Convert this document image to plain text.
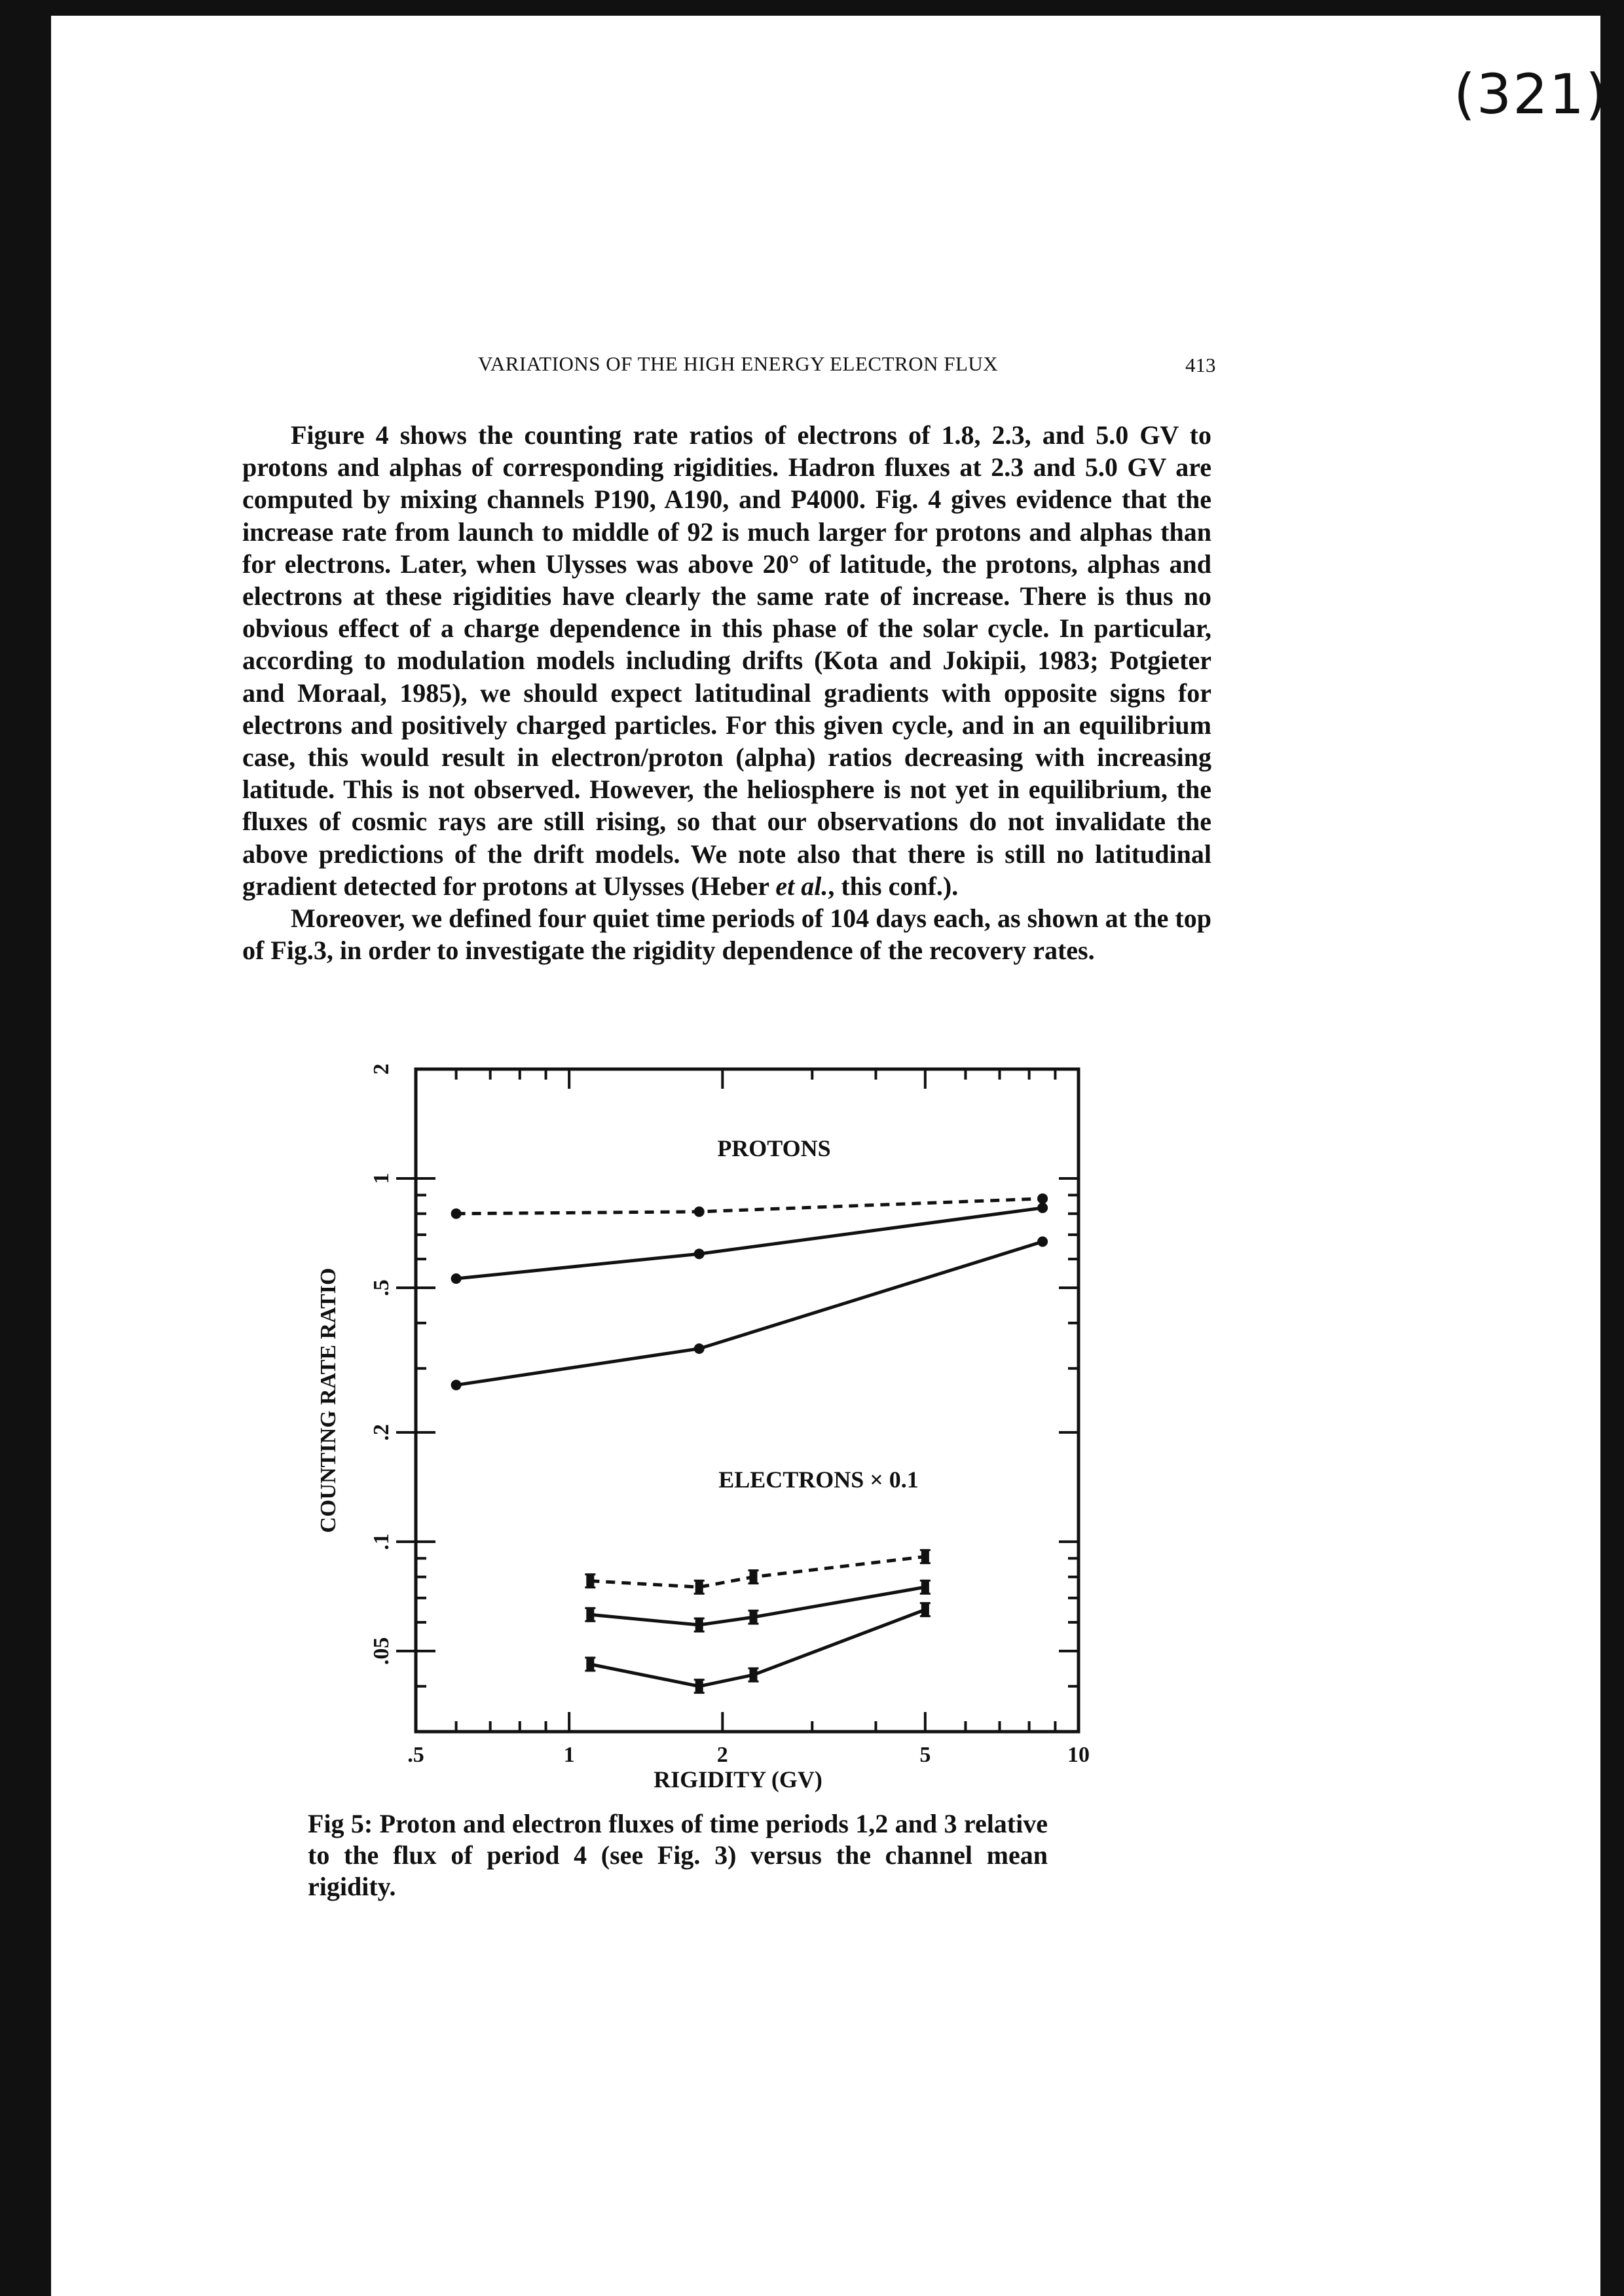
(321)
VARIATIONS OF THE HIGH ENERGY ELECTRON FLUX	413

Figure 4 shows the counting rate ratios of electrons of 1.8, 2.3, and 5.0 GV to protons and alphas of corresponding rigidities. Hadron fluxes at 2.3 and 5.0 GV are computed by mixing channels P190, A190, and P4000. Fig. 4 gives evidence that the increase rate from launch to middle of 92 is much larger for protons and alphas than for electrons. Later, when Ulysses was above 20° of latitude, the protons, alphas and electrons at these rigidities have clearly the same rate of increase. There is thus no obvious effect of a charge dependence in this phase of the solar cycle. In particular, according to modulation models including drifts (Kota and Jokipii, 1983; Potgieter and Moraal, 1985), we should expect latitudinal gradients with opposite signs for electrons and positively charged particles. For this given cycle, and in an equilibrium case, this would result in electron/proton (alpha) ratios decreasing with increasing latitude. This is not observed. However, the heliosphere is not yet in equilibrium, the fluxes of cosmic rays are still rising, so that our observations do not invalidate the above predictions of the drift models. We note also that there is still no latitudinal gradient detected for protons at Ulysses (Heber et al., this conf.).

Moreover, we defined four quiet time periods of 104 days each, as shown at the top of Fig.3, in order to investigate the rigidity dependence of the recovery rates.

.5	1	2	5	10
.05
.1
.2
.5
1
2
PROTONS
ELECTRONS × 0.1
RIGIDITY (GV)
COUNTING RATE RATIO
Fig 5: Proton and electron fluxes of time periods 1,2 and 3 relative to the flux of period 4 (see Fig. 3) versus the channel mean rigidity.
